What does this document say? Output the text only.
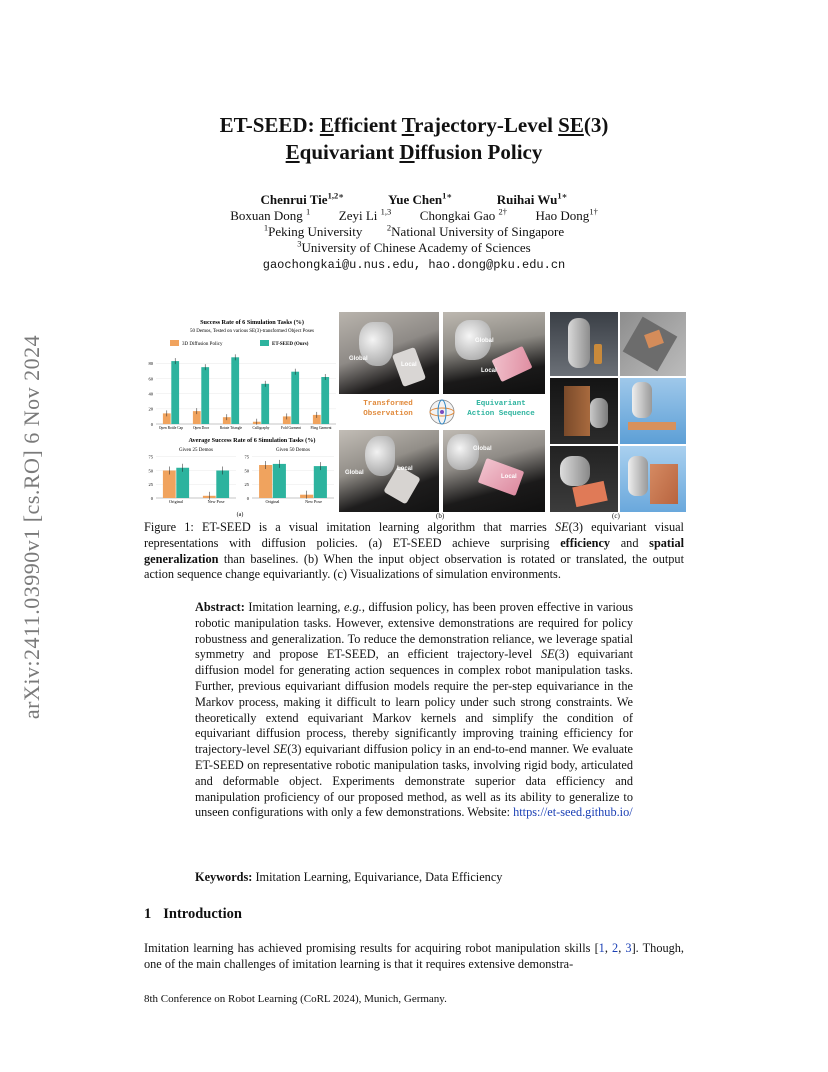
arXiv:2411.03990v1 [cs.RO] 6 Nov 2024
ET-SEED: Efficient Trajectory-Level SE(3)
Equivariant Diffusion Policy
Chenrui Tie$^{1,2∗}$	Yue Chen$^{1∗}$	Ruihai $Wu^{1∗}$
Boxuan Dong $^1$ Zeyi Li $^{1,3}$ Chongkai Gao $^{2\dagger}$ Hao Dong$^{1\dagger}$
$^1$Peking University	$^2$National University of Singapore
$^3$University of Chinese Academy of Sciences
gaochongkai@u.nus.edu, hao.dong@pku.edu.cn
Success Rate of 6 Simulation Tasks (%)
50 Demos, Tested on various SE(3)-transformed Object Poses
3D Diffusion Policy	ET-SEED (Ours)
0
20
40
60
80
Open Bottle Cap	Open Door	Rotate Triangle	Calligraphy	Fold Garment	Fling Garment
Average Success Rate of 6 Simulation Tasks (%)
0
25
50
75
Original	New Pose
Given 25 Demos
0
25
50
75
Original	New Pose
Given 50 Demos
(a)
Global
Local
Global
Local
Global
Local
Global
Local
Transformed
Observation
Equivariant
Action Sequence
(b)	(c)
Figure 1: ET-SEED is a visual imitation learning algorithm that marries SE(3) equivariant visual representations with diffusion policies. (a) ET-SEED achieve surprising efficiency and spatial generalization than baselines. (b) When the input object observation is rotated or translated, the output action sequence change equivariantly. (c) Visualizations of simulation environments.
Abstract: Imitation learning, e.g., diffusion policy, has been proven effective in various robotic manipulation tasks. However, extensive demonstrations are required for policy robustness and generalization. To reduce the demonstration reliance, we leverage spatial symmetry and propose ET-SEED, an efficient trajectory-level SE(3) equivariant diffusion model for generating action sequences in complex robot manipulation tasks. Further, previous equivariant diffusion models require the per-step equivariance in the Markov process, making it difficult to learn policy under such strong constraints. We theoretically extend equivariant Markov kernels and simplify the condition of equivariant diffusion process, thereby significantly improving training efficiency for trajectory-level SE(3) equivariant diffusion policy in an end-to-end manner. We evaluate ET-SEED on representative robotic manipulation tasks, involving rigid body, articulated and deformable object. Experiments demonstrate superior data efficiency and manipulation proficiency of our proposed method, as well as its ability to generalize to unseen configurations with only a few demonstrations. Website: https://et-seed.github.io/
Keywords: Imitation Learning, Equivariance, Data Efficiency
1 Introduction
Imitation learning has achieved promising results for acquiring robot manipulation skills [1, 2, 3]. Though, one of the main challenges of imitation learning is that it requires extensive demonstra-
8th Conference on Robot Learning (CoRL 2024), Munich, Germany.
